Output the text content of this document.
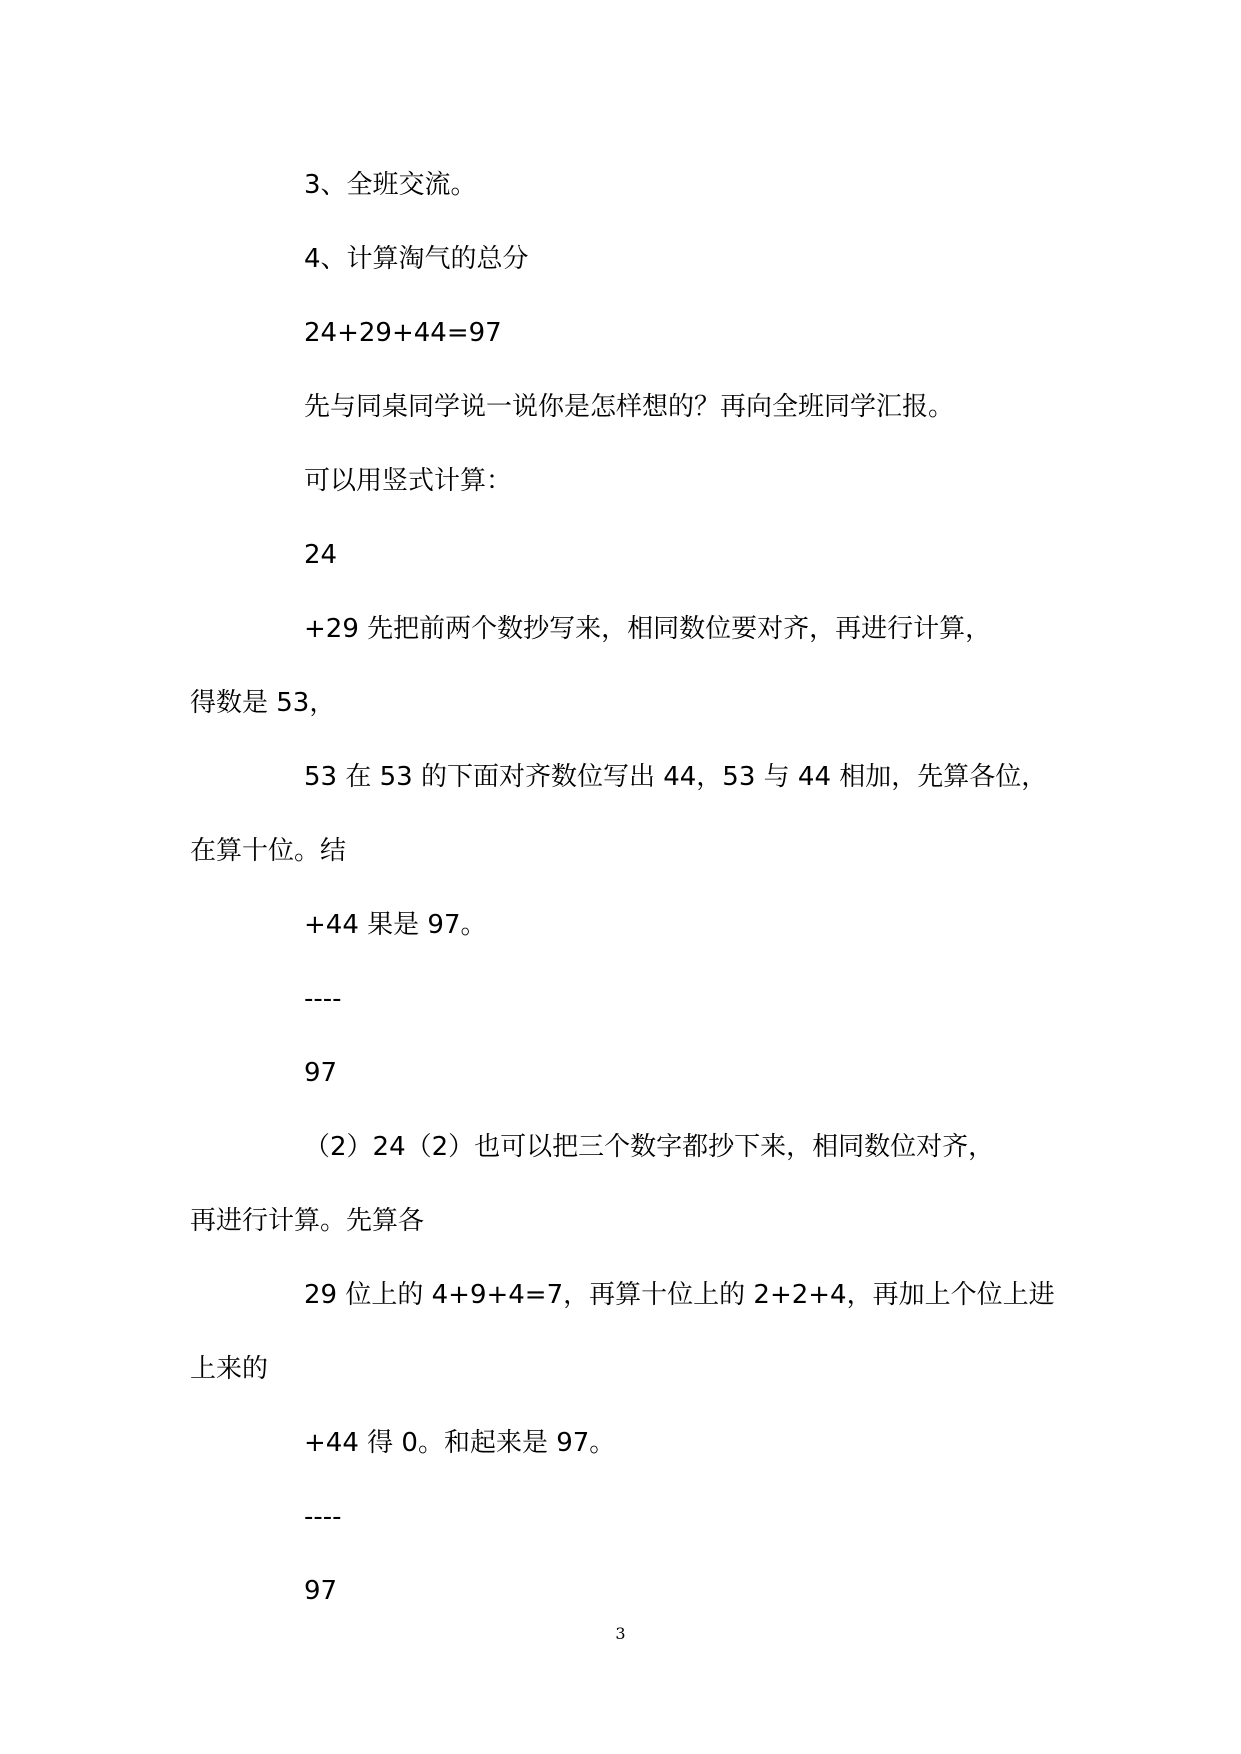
3、全班交流。

4、计算淘气的总分

24+29+44=97

先与同桌同学说一说你是怎样想的？再向全班同学汇报。

可以用竖式计算：

24

+29 先把前两个数抄写来，相同数位要对齐，再进行计算，

得数是 53，

53 在 53 的下面对齐数位写出 44，53 与 44 相加，先算各位，

在算十位。结

+44 果是 97。

----

97

（2）24（2）也可以把三个数字都抄下来，相同数位对齐，

再进行计算。先算各

29 位上的 4+9+4=7，再算十位上的 2+2+4，再加上个位上进

上来的

+44 得 0。和起来是 97。

----

97

3
